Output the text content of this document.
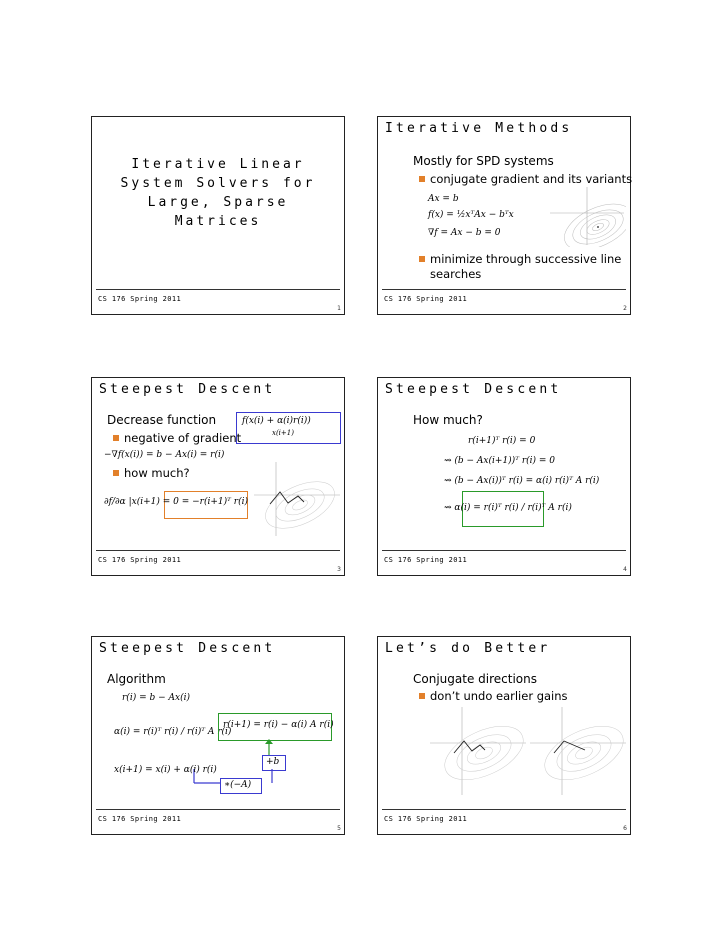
Iterative Linear
System Solvers for
Large, Sparse
Matrices
CS 176 Spring 2011
1
Iterative Methods
Mostly for SPD systems
conjugate gradient and its variants
Ax = b
f(x) = ½xᵀAx − bᵀx
∇f = Ax − b = 0
minimize through successive line
searches
CS 176 Spring 2011
2
Steepest Descent
Decrease function	f(x(i) + α(i)r(i))
x(i+1)
negative of gradient
−∇f(x(i)) = b − Ax(i) = r(i)
how much?
∂f/∂α |x(i+1) = 0 = −r(i+1)ᵀ r(i)
CS 176 Spring 2011
3
Steepest Descent
How much?
r(i+1)ᵀ r(i) = 0
⇝ (b − Ax(i+1))ᵀ r(i) = 0
⇝ (b − Ax(i))ᵀ r(i) = α(i) r(i)ᵀ A r(i)
⇝ α(i) = r(i)ᵀ r(i) / r(i)ᵀ A r(i)
CS 176 Spring 2011
4
Steepest Descent
Algorithm
r(i) = b − Ax(i)
α(i) = r(i)ᵀ r(i) / r(i)ᵀ A r(i)
r(i+1) = r(i) − α(i) A r(i)
+b
x(i+1) = x(i) + α(i) r(i)
∗(−A)
CS 176 Spring 2011
5
Let’s do Better
Conjugate directions
don’t undo earlier gains
CS 176 Spring 2011
6
